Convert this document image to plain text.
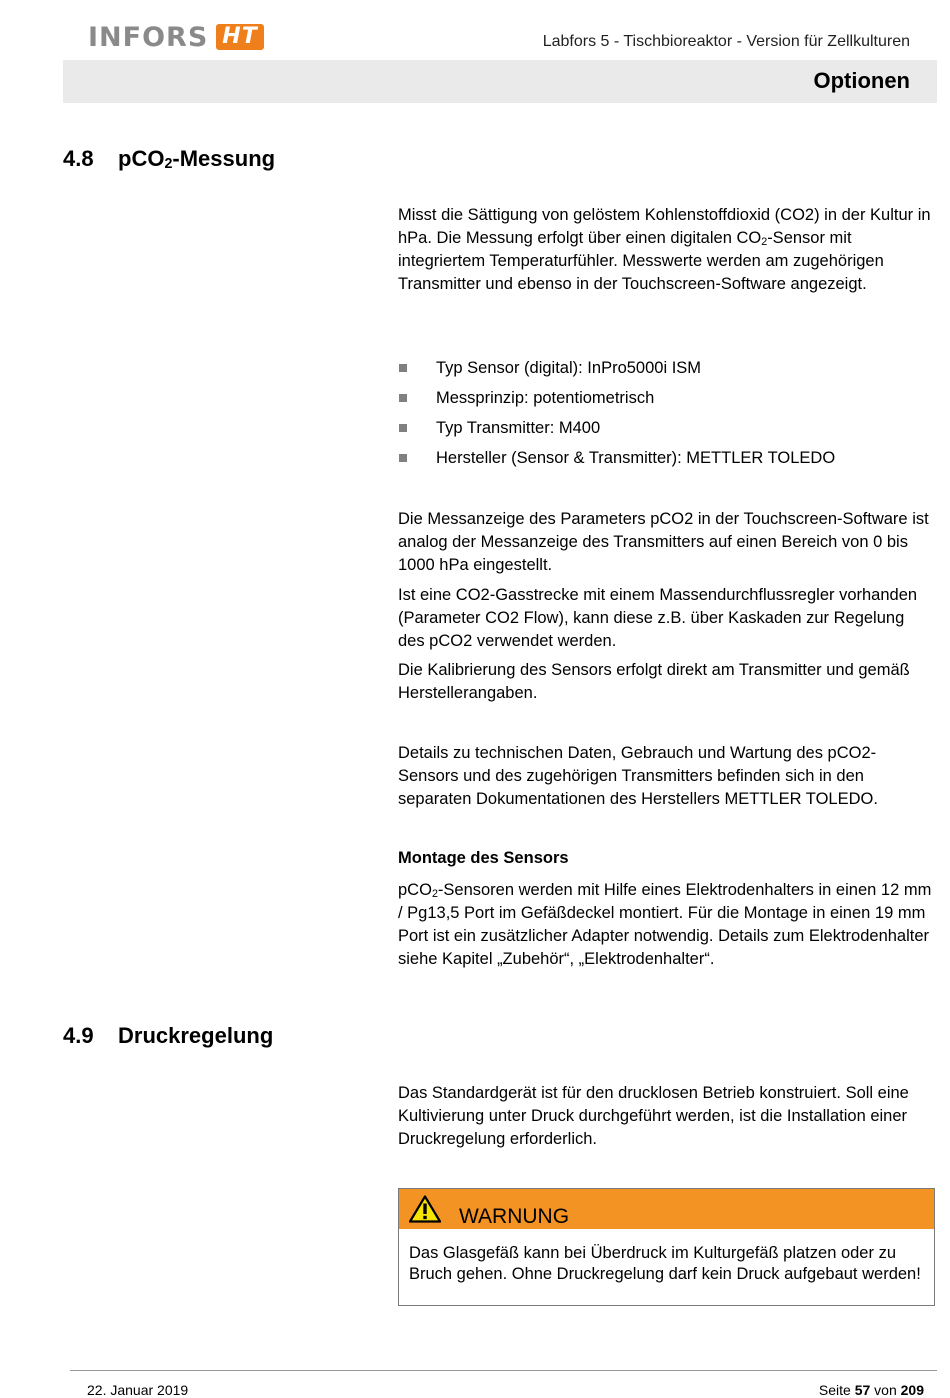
INFORS HT	Labfors 5 - Tischbioreaktor - Version für Zellkulturen
Optionen
4.8 pCO$_2$-Messung

Misst die Sättigung von gelöstem Kohlenstoffdioxid (CO2) in der Kultur in hPa. Die Messung erfolgt über einen digitalen $CO_2$-Sensor mit integriertem Temperaturfühler. Messwerte werden am zugehörigen Transmitter und ebenso in der Touchscreen-Software angezeigt.

Typ Sensor (digital): InPro5000i ISM
Messprinzip: potentiometrisch
Typ Transmitter: M400
Hersteller (Sensor & Transmitter): METTLER TOLEDO

Die Messanzeige des Parameters pCO2 in der Touchscreen-Software ist analog der Messanzeige des Transmitters auf einen Bereich von 0 bis 1000 hPa eingestellt.

Ist eine CO2-Gasstrecke mit einem Massendurchflussregler vorhanden (Parameter CO2 Flow), kann diese z.B. über Kaskaden zur Regelung des pCO2 verwendet werden.

Die Kalibrierung des Sensors erfolgt direkt am Transmitter und gemäß Herstellerangaben.

Details zu technischen Daten, Gebrauch und Wartung des pCO2-Sensors und des zugehörigen Transmitters befinden sich in den separaten Dokumentationen des Herstellers METTLER TOLEDO.

Montage des Sensors

pCO$_2$-Sensoren werden mit Hilfe eines Elektrodenhalters in einen 12 mm / Pg13,5 Port im Gefäßdeckel montiert. Für die Montage in einen 19 mm Port ist ein zusätzlicher Adapter notwendig. Details zum Elektrodenhalter siehe Kapitel „Zubehör“, „Elektrodenhalter“.

4.9 Druckregelung

Das Standardgerät ist für den drucklosen Betrieb konstruiert. Soll eine Kultivierung unter Druck durchgeführt werden, ist die Installation einer Druckregelung erforderlich.

WARNUNG
Das Glasgefäß kann bei Überdruck im Kulturgefäß platzen oder zu Bruch gehen. Ohne Druckregelung darf kein Druck aufgebaut werden!
22. Januar 2019	Seite 57 von 209
